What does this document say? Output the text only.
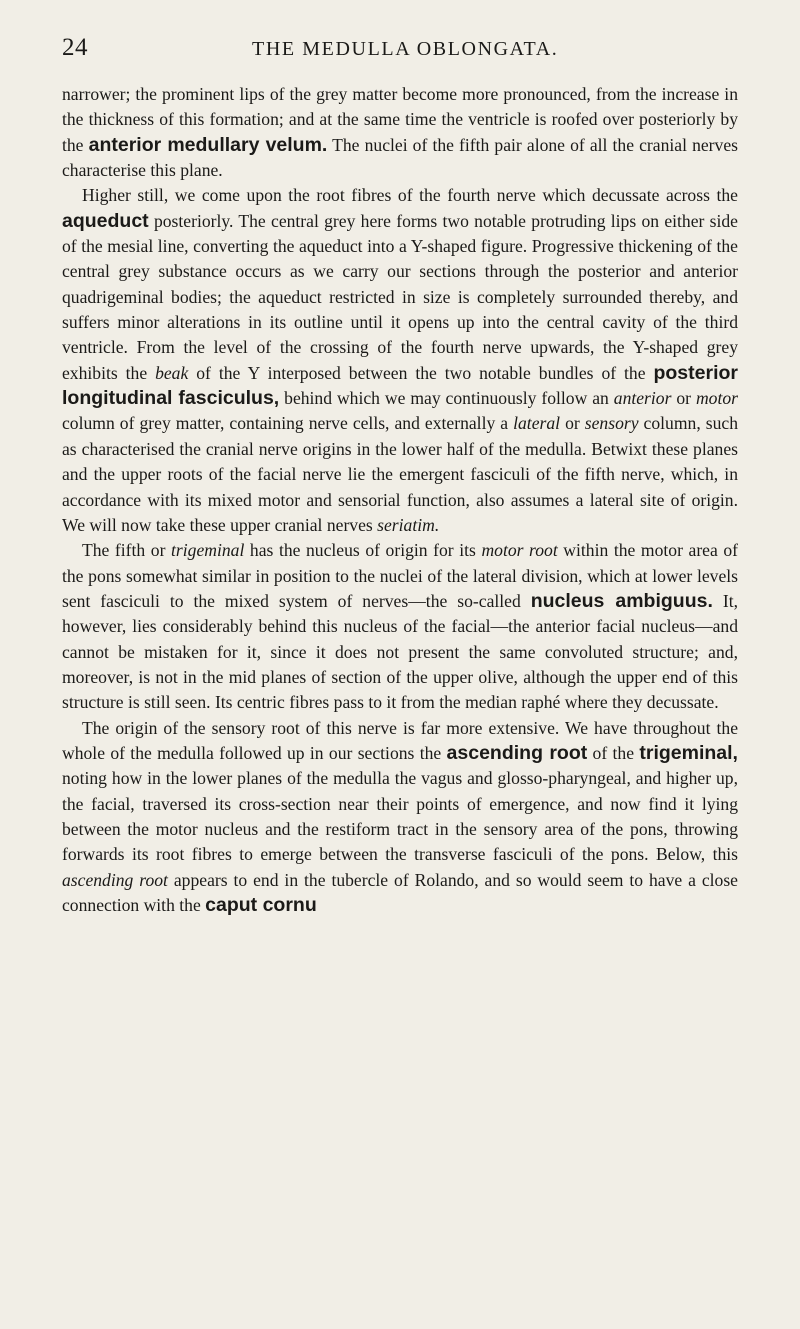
24	THE MEDULLA OBLONGATA.

narrower; the prominent lips of the grey matter become more pronounced, from the increase in the thickness of this formation; and at the same time the ventricle is roofed over posteriorly by the anterior medullary velum. The nuclei of the fifth pair alone of all the cranial nerves characterise this plane.

Higher still, we come upon the root fibres of the fourth nerve which decussate across the aqueduct posteriorly. The central grey here forms two notable protruding lips on either side of the mesial line, converting the aqueduct into a Y-shaped figure. Progressive thickening of the central grey substance occurs as we carry our sections through the posterior and anterior quadrigeminal bodies; the aqueduct restricted in size is completely surrounded thereby, and suffers minor alterations in its outline until it opens up into the central cavity of the third ventricle. From the level of the crossing of the fourth nerve upwards, the Y-shaped grey exhibits the beak of the Y interposed between the two notable bundles of the posterior longitudinal fasciculus, behind which we may continuously follow an anterior or motor column of grey matter, containing nerve cells, and externally a lateral or sensory column, such as characterised the cranial nerve origins in the lower half of the medulla. Betwixt these planes and the upper roots of the facial nerve lie the emergent fasciculi of the fifth nerve, which, in accordance with its mixed motor and sensorial function, also assumes a lateral site of origin. We will now take these upper cranial nerves seriatim.

The fifth or trigeminal has the nucleus of origin for its motor root within the motor area of the pons somewhat similar in position to the nuclei of the lateral division, which at lower levels sent fasciculi to the mixed system of nerves—the so-called nucleus ambiguus. It, however, lies considerably behind this nucleus of the facial—the anterior facial nucleus—and cannot be mistaken for it, since it does not present the same convoluted structure; and, moreover, is not in the mid planes of section of the upper olive, although the upper end of this structure is still seen. Its centric fibres pass to it from the median raphé where they decussate.

The origin of the sensory root of this nerve is far more extensive. We have throughout the whole of the medulla followed up in our sections the ascending root of the trigeminal, noting how in the lower planes of the medulla the vagus and glosso-pharyngeal, and higher up, the facial, traversed its cross-section near their points of emergence, and now find it lying between the motor nucleus and the restiform tract in the sensory area of the pons, throwing forwards its root fibres to emerge between the transverse fasciculi of the pons. Below, this ascending root appears to end in the tubercle of Rolando, and so would seem to have a close connection with the caput cornu
